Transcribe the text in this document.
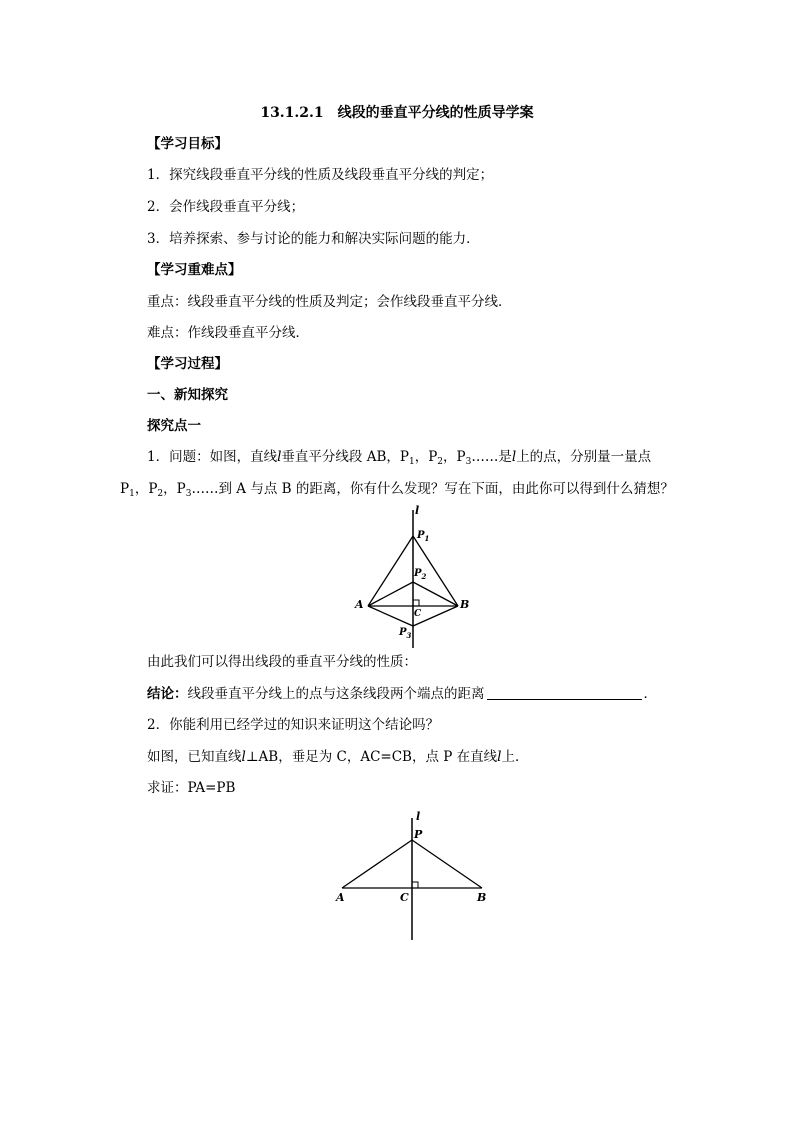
13.1.2.1　线段的垂直平分线的性质导学案
【学习目标】
1．探究线段垂直平分线的性质及线段垂直平分线的判定；
2．会作线段垂直平分线；
3．培养探索、参与讨论的能力和解决实际问题的能力．
【学习重难点】
重点：线段垂直平分线的性质及判定；会作线段垂直平分线．
难点：作线段垂直平分线．
【学习过程】
一、新知探究
探究点一
1．问题：如图，直线l垂直平分线段 AB，$P_1$，$P_2$，$P_3\dots\dots$是l上的点，分别量一量点
$P_1$，$P_2$，$P_3\dots\dots$到 A 与点 B 的距离，你有什么发现？写在下面，由此你可以得到什么猜想？
l
$P_1$
$P_2$
A	B
C
$P_3$
由此我们可以得出线段的垂直平分线的性质：
结论：线段垂直平分线上的点与这条线段两个端点的距离	．
2．你能利用已经学过的知识来证明这个结论吗？
如图，已知直线l⊥AB，垂足为 C，AC=CB，点 P 在直线l上．
求证：PA=PB
l
P
A	C	B
